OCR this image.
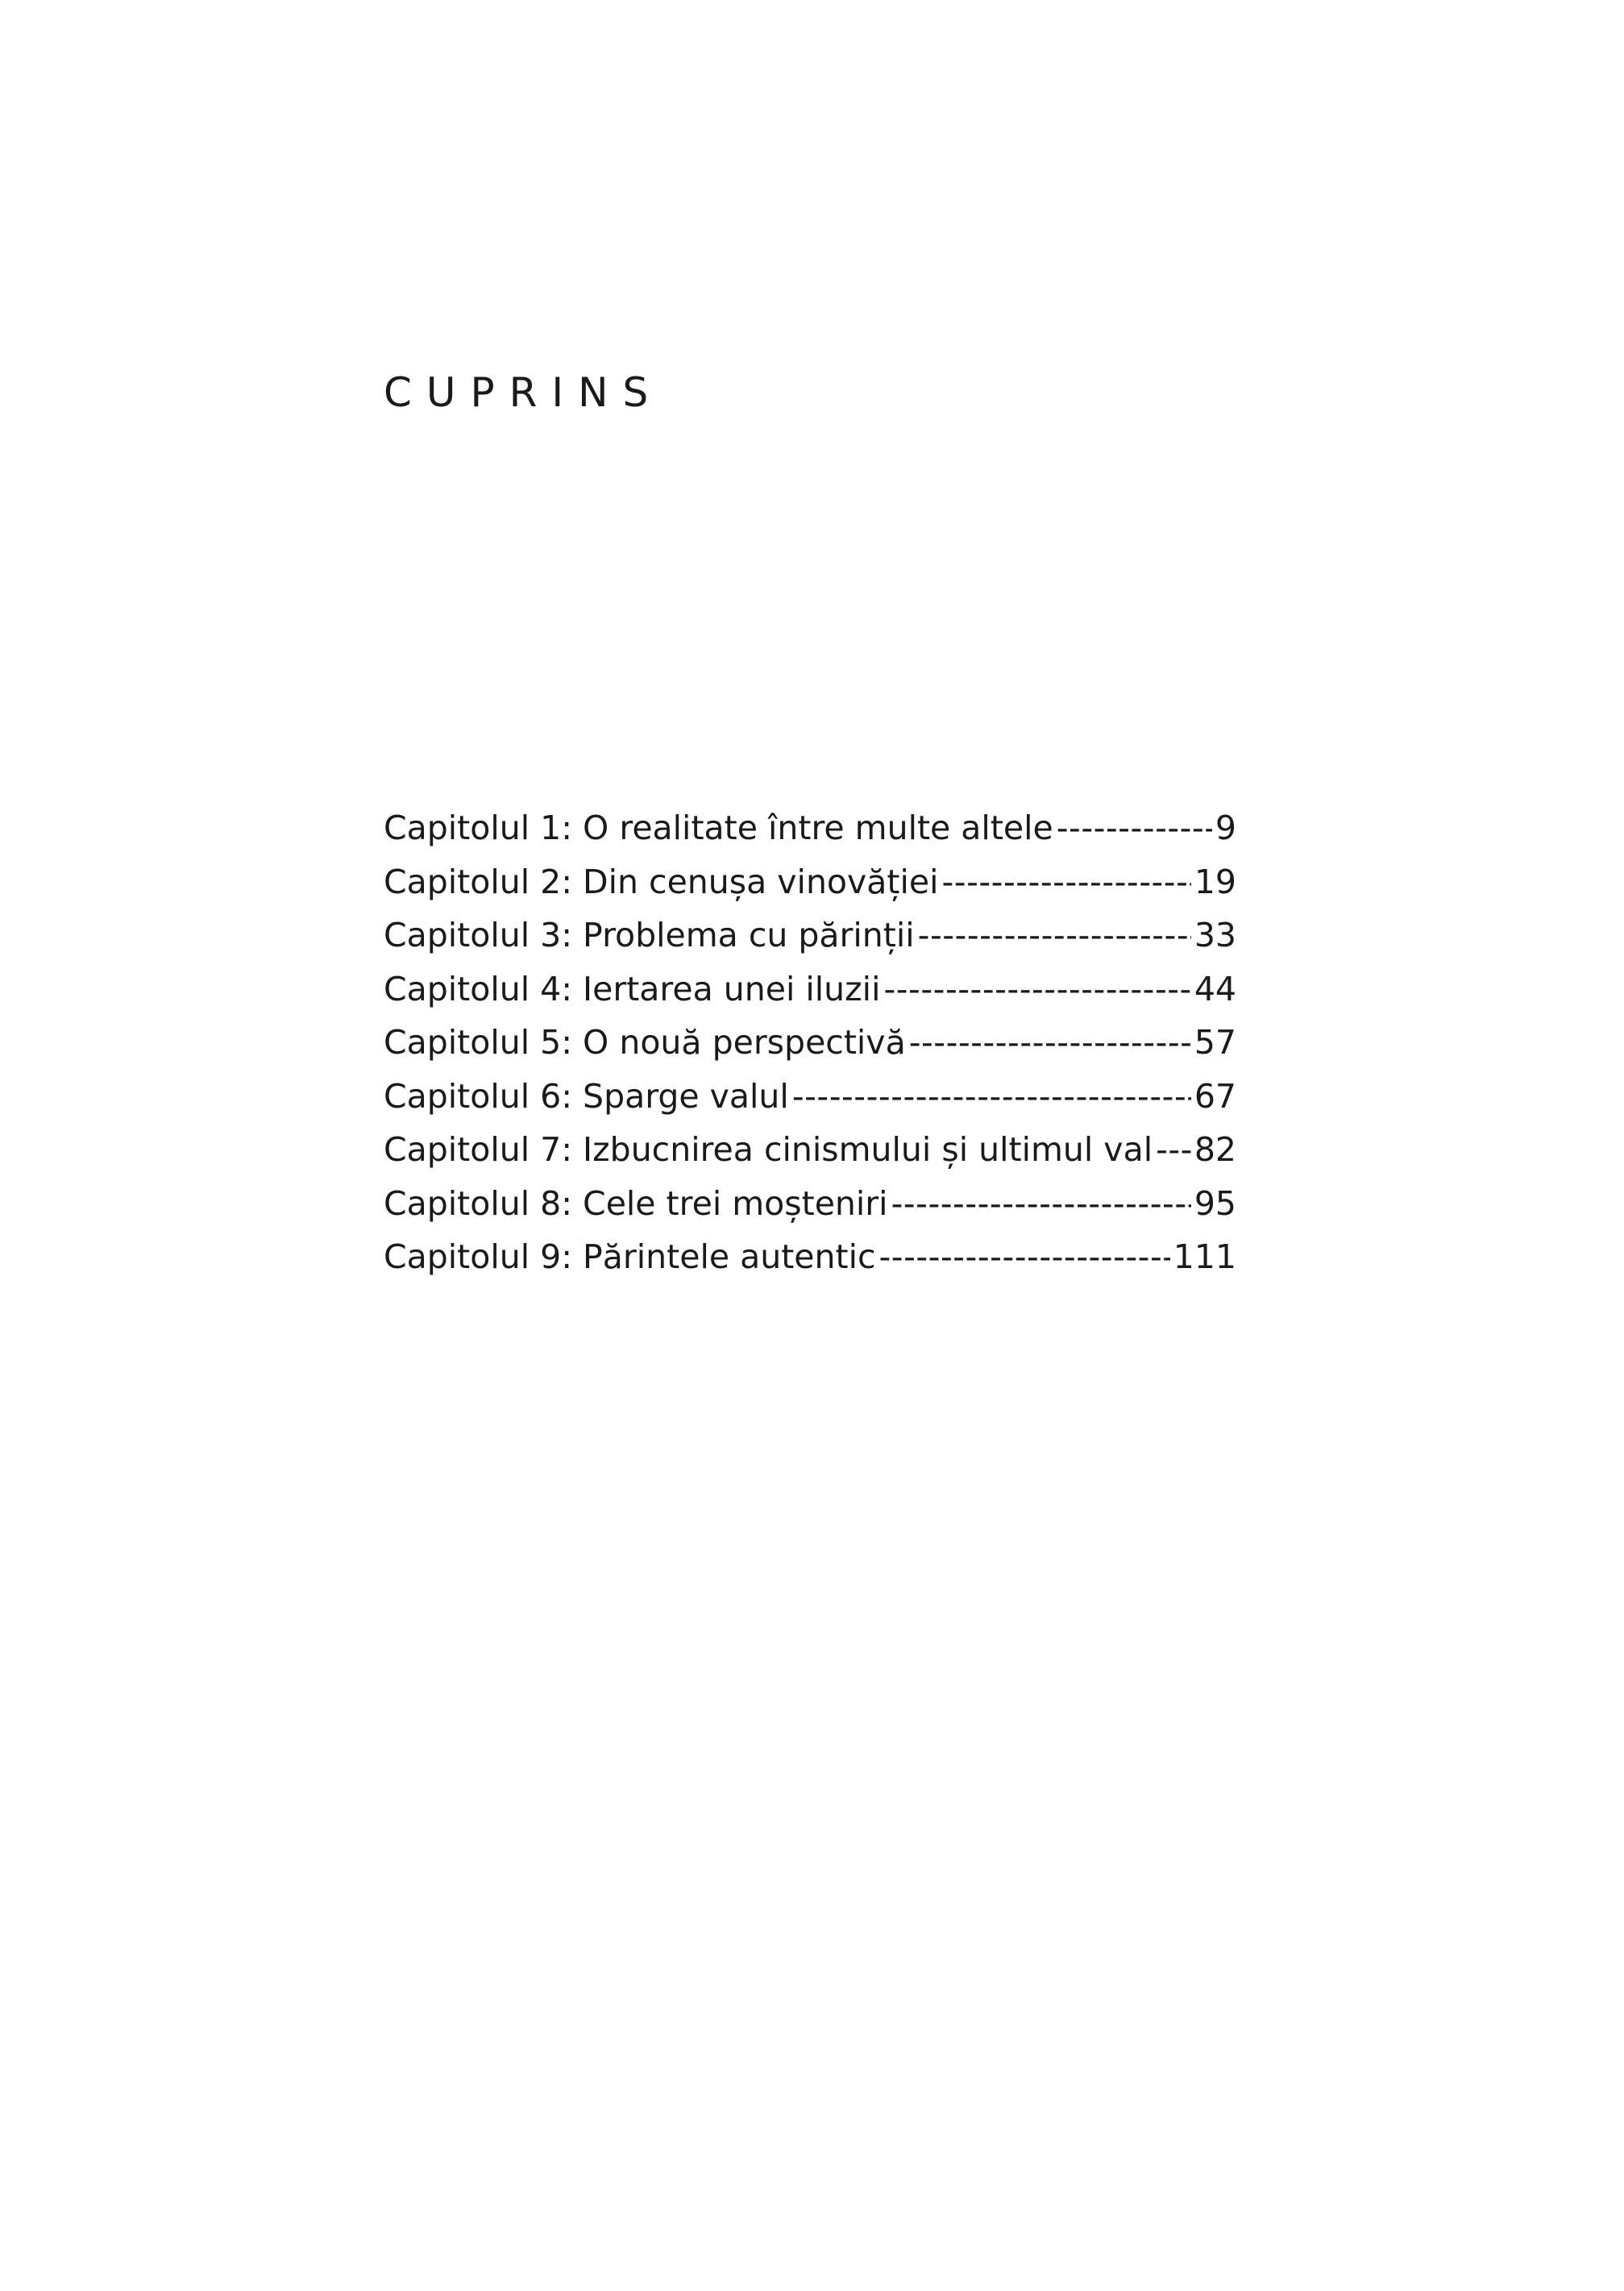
CUPRINS
Capitolul 1: O realitate între multe altele -----	9
Capitolul 2: Din cenușa vinovăției -----	19
Capitolul 3: Problema cu părinții -----	33
Capitolul 4: Iertarea unei iluzii -----	44
Capitolul 5: O nouă perspectivă -----	57
Capitolul 6: Sparge valul -----	67
Capitolul 7: Izbucnirea cinismului și ultimul val ----- 82
Capitolul 8: Cele trei moșteniri -----	95
Capitolul 9: Părintele autentic -----	111
